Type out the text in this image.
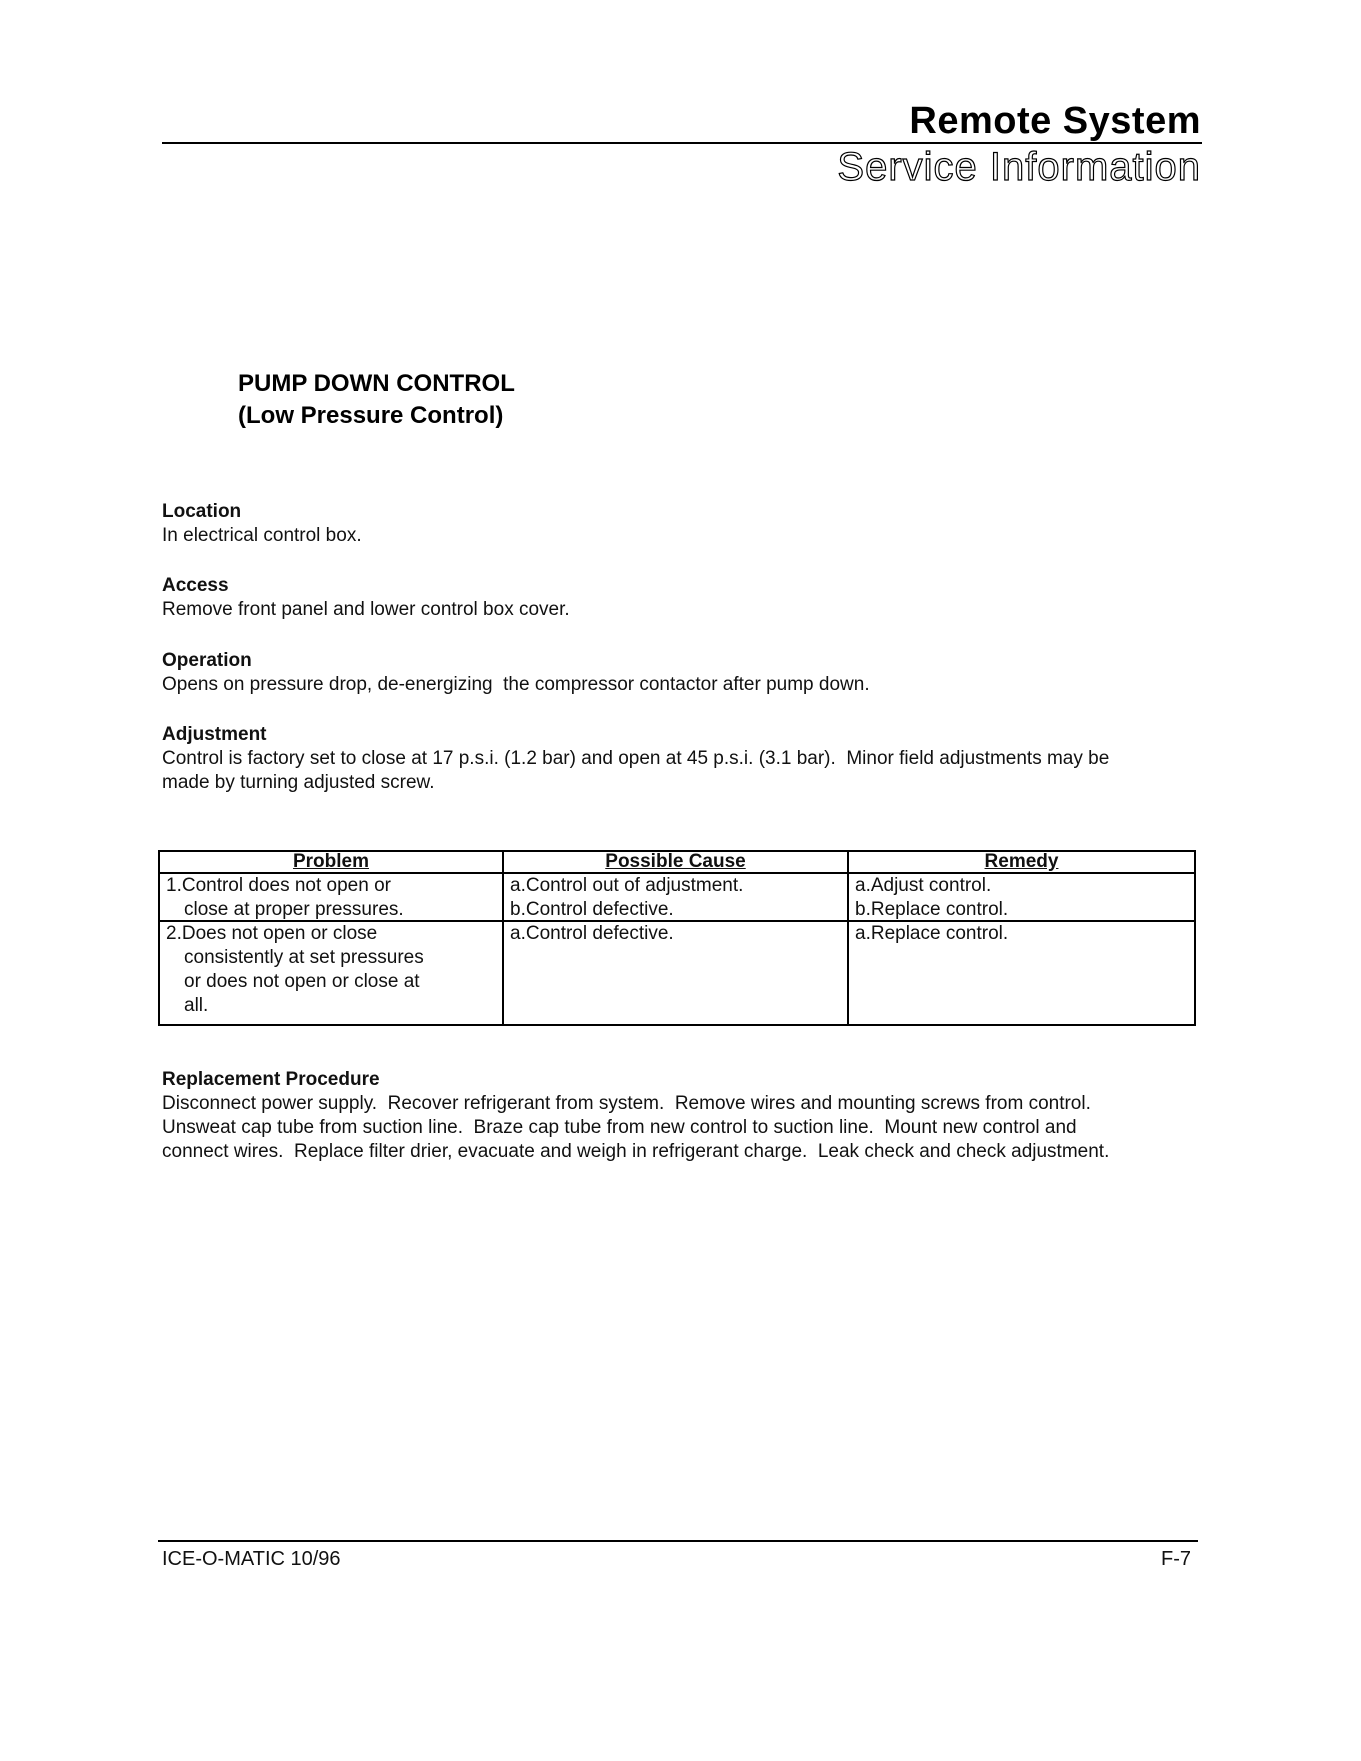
Remote System
Service Information
PUMP DOWN CONTROL
(Low Pressure Control)
Location
In electrical control box.
Access
Remove front panel and lower control box cover.
Operation
Opens on pressure drop, de-energizing  the compressor contactor after pump down.
Adjustment
Control is factory set to close at 17 p.s.i. (1.2 bar) and open at 45 p.s.i. (3.1 bar).  Minor field adjustments may be
made by turning adjusted screw.
Problem
1.Control does not open or
close at proper pressures.
2.Does not open or close
consistently at set pressures
or does not open or close at
all.
Possible Cause
a.Control out of adjustment.
b.Control defective.
a.Control defective.
Remedy
a.Adjust control.
b.Replace control.
a.Replace control.
Replacement Procedure
Disconnect power supply.  Recover refrigerant from system.  Remove wires and mounting screws from control.
Unsweat cap tube from suction line.  Braze cap tube from new control to suction line.  Mount new control and
connect wires.  Replace filter drier, evacuate and weigh in refrigerant charge.  Leak check and check adjustment.
ICE-O-MATIC 10/96	F-7
